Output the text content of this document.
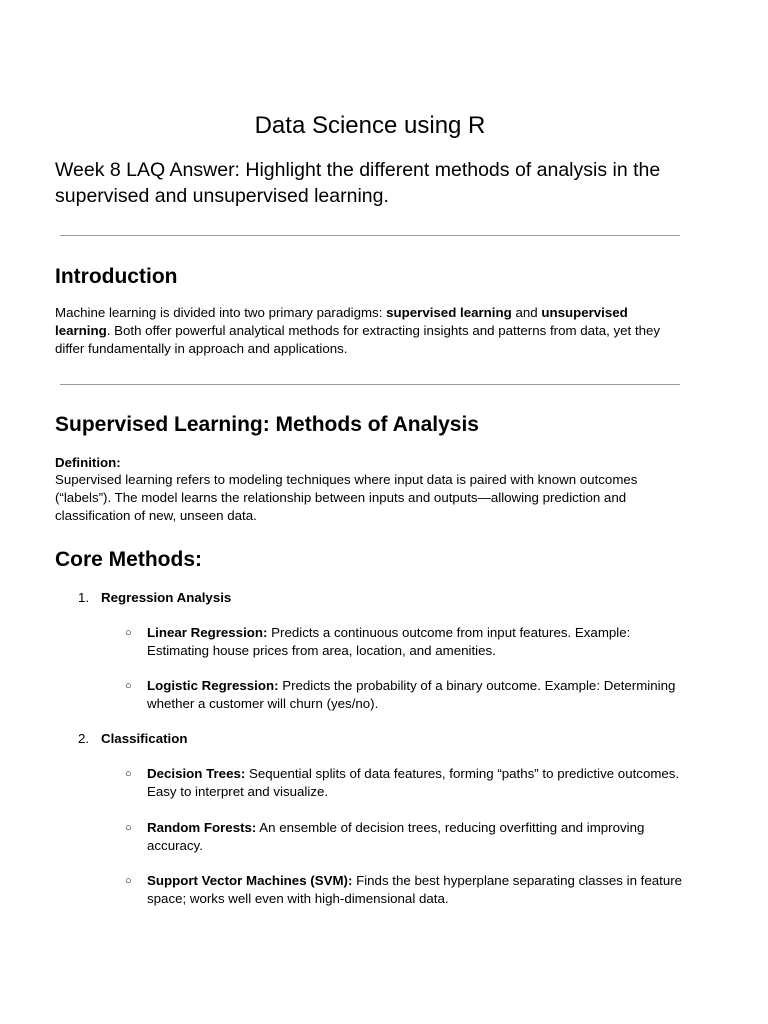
Data Science using R
Week 8 LAQ Answer: Highlight the different methods of analysis in the supervised and unsupervised learning.
Introduction

Machine learning is divided into two primary paradigms: supervised learning and unsupervised learning. Both offer powerful analytical methods for extracting insights and patterns from data, yet they differ fundamentally in approach and applications.

Supervised Learning: Methods of Analysis

Definition:

Supervised learning refers to modeling techniques where input data is paired with known outcomes (“labels”). The model learns the relationship between inputs and outputs—allowing prediction and classification of new, unseen data.

Core Methods:
1. Regression Analysis
○ Linear Regression: Predicts a continuous outcome from input features. Example: Estimating house prices from area, location, and amenities.

○ Logistic Regression: Predicts the probability of a binary outcome. Example: Determining whether a customer will churn (yes/no).

2. Classification
○ Decision Trees: Sequential splits of data features, forming “paths” to predictive outcomes. Easy to interpret and visualize.

○ Random Forests: An ensemble of decision trees, reducing overfitting and improving accuracy.

○ Support Vector Machines (SVM): Finds the best hyperplane separating classes in feature space; works well even with high-dimensional data.
